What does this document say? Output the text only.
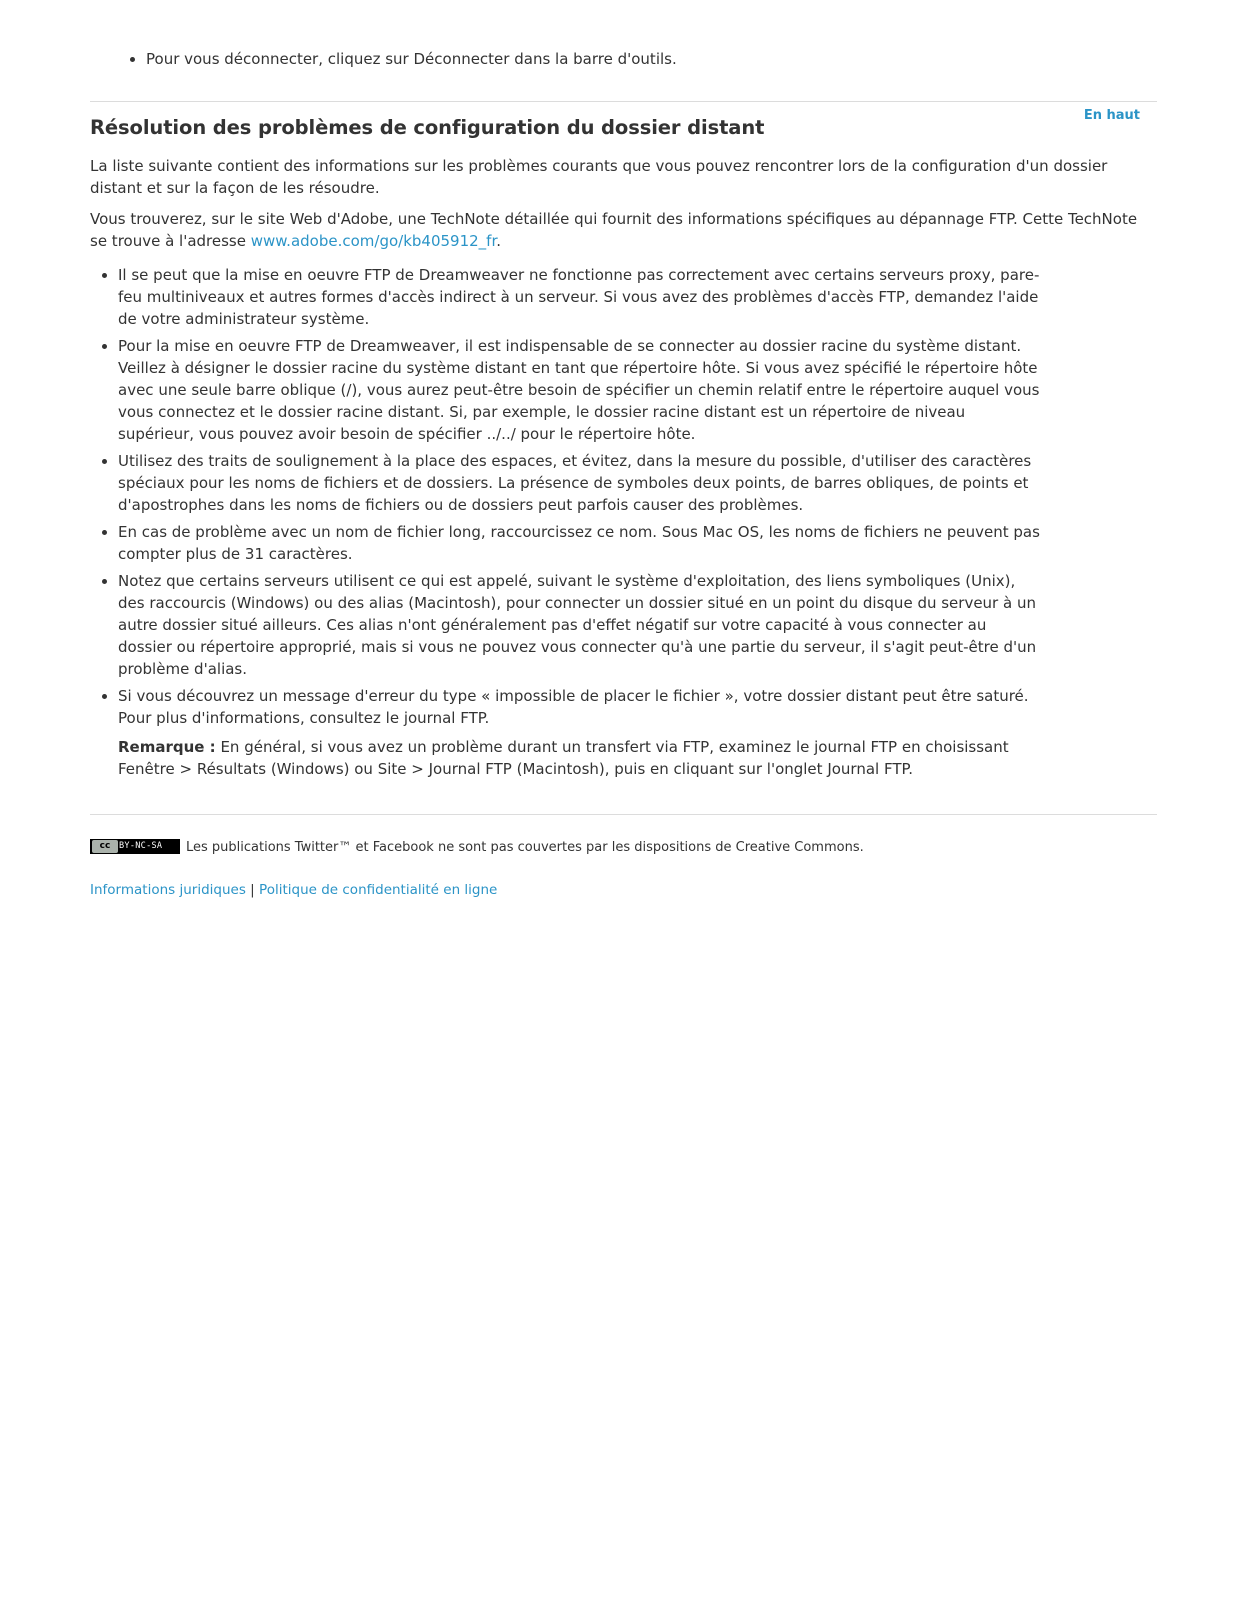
• Pour vous déconnecter, cliquez sur Déconnecter dans la barre d'outils.
En haut
Résolution des problèmes de configuration du dossier distant

La liste suivante contient des informations sur les problèmes courants que vous pouvez rencontrer lors de la configuration d'un dossier distant et sur la façon de les résoudre.

Vous trouverez, sur le site Web d'Adobe, une TechNote détaillée qui fournit des informations spécifiques au dépannage FTP. Cette TechNote se trouve à l'adresse www.adobe.com/go/kb405912_fr.

• Il se peut que la mise en oeuvre FTP de Dreamweaver ne fonctionne pas correctement avec certains serveurs proxy, pare-feu multiniveaux et autres formes d'accès indirect à un serveur. Si vous avez des problèmes d'accès FTP, demandez l'aide de votre administrateur système.
• Pour la mise en oeuvre FTP de Dreamweaver, il est indispensable de se connecter au dossier racine du système distant. Veillez à désigner le dossier racine du système distant en tant que répertoire hôte. Si vous avez spécifié le répertoire hôte avec une seule barre oblique (/), vous aurez peut-être besoin de spécifier un chemin relatif entre le répertoire auquel vous vous connectez et le dossier racine distant. Si, par exemple, le dossier racine distant est un répertoire de niveau supérieur, vous pouvez avoir besoin de spécifier ../../ pour le répertoire hôte.
• Utilisez des traits de soulignement à la place des espaces, et évitez, dans la mesure du possible, d'utiliser des caractères spéciaux pour les noms de fichiers et de dossiers. La présence de symboles deux points, de barres obliques, de points et d'apostrophes dans les noms de fichiers ou de dossiers peut parfois causer des problèmes.
• En cas de problème avec un nom de fichier long, raccourcissez ce nom. Sous Mac OS, les noms de fichiers ne peuvent pas compter plus de 31 caractères.
• Notez que certains serveurs utilisent ce qui est appelé, suivant le système d'exploitation, des liens symboliques (Unix), des raccourcis (Windows) ou des alias (Macintosh), pour connecter un dossier situé en un point du disque du serveur à un autre dossier situé ailleurs. Ces alias n'ont généralement pas d'effet négatif sur votre capacité à vous connecter au dossier ou répertoire approprié, mais si vous ne pouvez vous connecter qu'à une partie du serveur, il s'agit peut-être d'un problème d'alias.
• Si vous découvrez un message d'erreur du type « impossible de placer le fichier », votre dossier distant peut être saturé. Pour plus d'informations, consultez le journal FTP.

Remarque : En général, si vous avez un problème durant un transfert via FTP, examinez le journal FTP en choisissant Fenêtre > Résultats (Windows) ou Site > Journal FTP (Macintosh), puis en cliquant sur l'onglet Journal FTP.

cc	BY-NC-SA Les publications Twitter™ et Facebook ne sont pas couvertes par les dispositions de Creative Commons.
Informations juridiques | Politique de confidentialité en ligne
